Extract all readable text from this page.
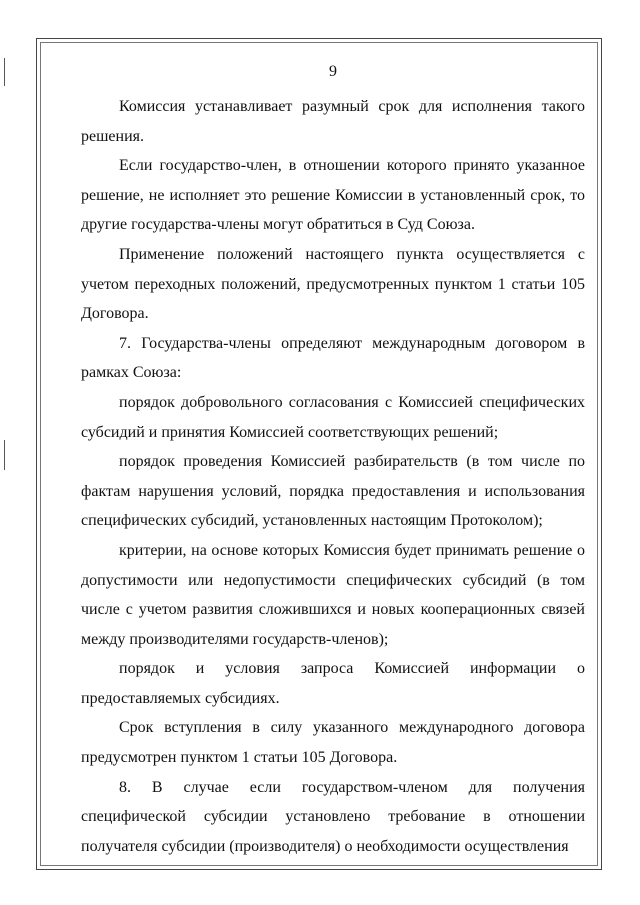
9

Комиссия устанавливает разумный срок для исполнения такого решения.

Если государство-член, в отношении которого принято указанное решение, не исполняет это решение Комиссии в установленный срок, то другие государства-члены могут обратиться в Суд Союза.

Применение положений настоящего пункта осуществляется с учетом переходных положений, предусмотренных пунктом 1 статьи 105 Договора.

7. Государства-члены определяют международным договором в рамках Союза:

порядок добровольного согласования с Комиссией специфических субсидий и принятия Комиссией соответствующих решений;

порядок проведения Комиссией разбирательств (в том числе по фактам нарушения условий, порядка предоставления и использования специфических субсидий, установленных настоящим Протоколом);

критерии, на основе которых Комиссия будет принимать решение о допустимости или недопустимости специфических субсидий (в том числе с учетом развития сложившихся и новых кооперационных связей между производителями государств-членов);

порядок и условия запроса Комиссией информации о предоставляемых субсидиях.

Срок вступления в силу указанного международного договора предусмотрен пунктом 1 статьи 105 Договора.

8. В случае если государством-членом для получения специфической субсидии установлено требование в отношении получателя субсидии (производителя) о необходимости осуществления
